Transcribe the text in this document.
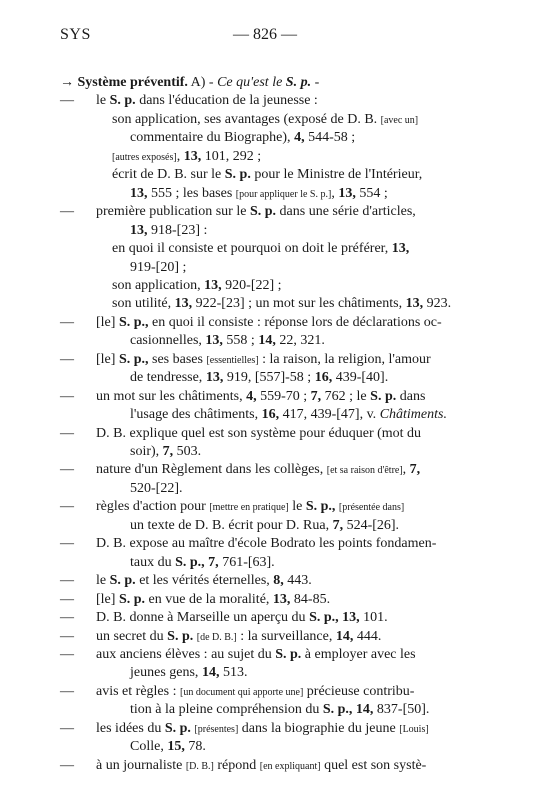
SYS	— 826 —
→ Système préventif. A) - Ce qu'est le S. p. -
— le S. p. dans l'éducation de la jeunesse :
son application, ses avantages (exposé de D. B. [avec un]
commentaire du Biographe), 4, 544-58 ;
[autres exposés], 13, 101, 292 ;
écrit de D. B. sur le S. p. pour le Ministre de l'Intérieur,
13, 555 ; les bases [pour appliquer le S. p.], 13, 554 ;
— première publication sur le S. p. dans une série d'articles,
13, 918-[23] :
en quoi il consiste et pourquoi on doit le préférer, 13,
919-[20] ;
son application, 13, 920-[22] ;
son utilité, 13, 922-[23] ; un mot sur les châtiments, 13, 923.
— [le] S. p., en quoi il consiste : réponse lors de déclarations oc-
casionnelles, 13, 558 ; 14, 22, 321.
— [le] S. p., ses bases [essentielles] : la raison, la religion, l'amour
de tendresse, 13, 919, [557]-58 ; 16, 439-[40].
— un mot sur les châtiments, 4, 559-70 ; 7, 762 ; le S. p. dans
l'usage des châtiments, 16, 417, 439-[47], v. Châtiments.
— D. B. explique quel est son système pour éduquer (mot du
soir), 7, 503.
— nature d'un Règlement dans les collèges, [et sa raison d'être], 7,
520-[22].
— règles d'action pour [mettre en pratique] le S. p., [présentée dans]
un texte de D. B. écrit pour D. Rua, 7, 524-[26].
— D. B. expose au maître d'école Bodrato les points fondamen-
taux du S. p., 7, 761-[63].
— le S. p. et les vérités éternelles, 8, 443.
— [le] S. p. en vue de la moralité, 13, 84-85.
— D. B. donne à Marseille un aperçu du S. p., 13, 101.
— un secret du S. p. [de D. B.] : la surveillance, 14, 444.
— aux anciens élèves : au sujet du S. p. à employer avec les
jeunes gens, 14, 513.
— avis et règles : [un document qui apporte une] précieuse contribu-
tion à la pleine compréhension du S. p., 14, 837-[50].
— les idées du S. p. [présentes] dans la biographie du jeune [Louis]
Colle, 15, 78.
— à un journaliste [D. B.] répond [en expliquant] quel est son systè-
